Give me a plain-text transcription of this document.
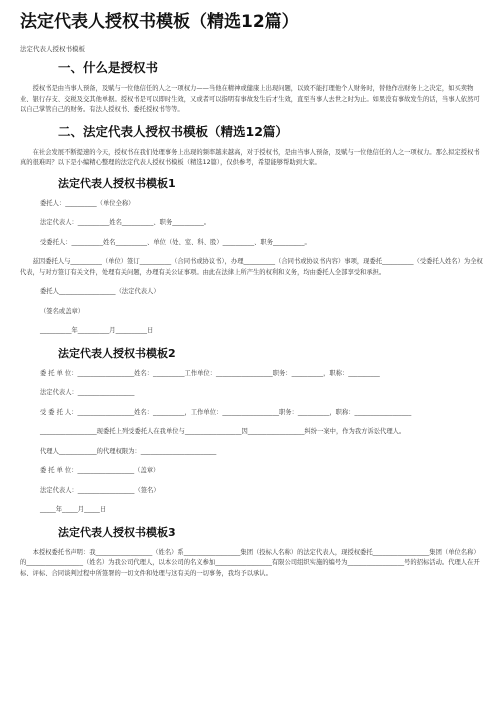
法定代表人授权书模板（精选12篇）
法定代表人授权书模板
一、什么是授权书

授权书是由当事人预备，及赋与一位他信任的人之一项权力——当他在精神或健康上出现问题，以致不能打理他个人财务时，替他作出财务上之决定，如买卖物业、银行存支、交税及交其他单据。授权书是可以即时生效，又或者可以指明有事故发生后才生效，直至当事人去世之时为止。如果没有事故发生的话，当事人依然可以自己掌管自己的财务。有法人授权书、委托授权书等等。

二、法定代表人授权书模板（精选12篇）

在社会发展不断提速的今天，授权书在我们处理事务上出现的频率越来越高，对于授权书，是由当事人预备，及赋与一位他信任的人之一项权力。那么拟定授权书真的很难吗？以下是小编精心整理的法定代表人授权书模板（精选12篇），仅供参考，希望能够帮助到大家。

法定代表人授权书模板1

委托人：__________（单位全称）

法定代表人：__________姓名__________、职务__________。

受委托人：__________姓名__________、单位（处、室、科、股）__________、职务__________。

兹因委托人与__________（单位）签订__________（合同书或协议书），办理__________（合同书或协议书内容）事项，现委托__________（受委托人姓名）为全权代表，与对方签订有关文件，处理有关问题，办理有关公证事项。由此在法律上所产生的权利和义务，均由委托人全部享受和承担。

委托人__________________（法定代表人）

（签名或盖章）

__________年__________月__________日

法定代表人授权书模板2

委 托 单 位：__________________姓名：__________工作单位：__________________职务：__________，职称：__________

法定代表人：__________________

受 委 托 人：__________________姓名：__________，工作单位：__________________职务：__________，职称：__________________

__________________现委托上列受委托人在我单位与__________________因__________________纠纷一案中，作为我方诉讼代理人。

代理人____________的代理权限为：________________________

委 托 单 位：__________________（盖章）

法定代表人：__________________（签名）

_____年_____月_____日

法定代表人授权书模板3

本授权委托书声明：我__________________（姓名）系__________________集团（投标人名称）的法定代表人，现授权委托__________________集团（单位名称）的__________________（姓名）为我公司代理人，以本公司的名义参加__________________有限公司组织实施的编号为__________________号的招标活动。代理人在开标、评标、合同谈判过程中所签署的一切文件和处理与这有关的一切事务，我均予以承认。
